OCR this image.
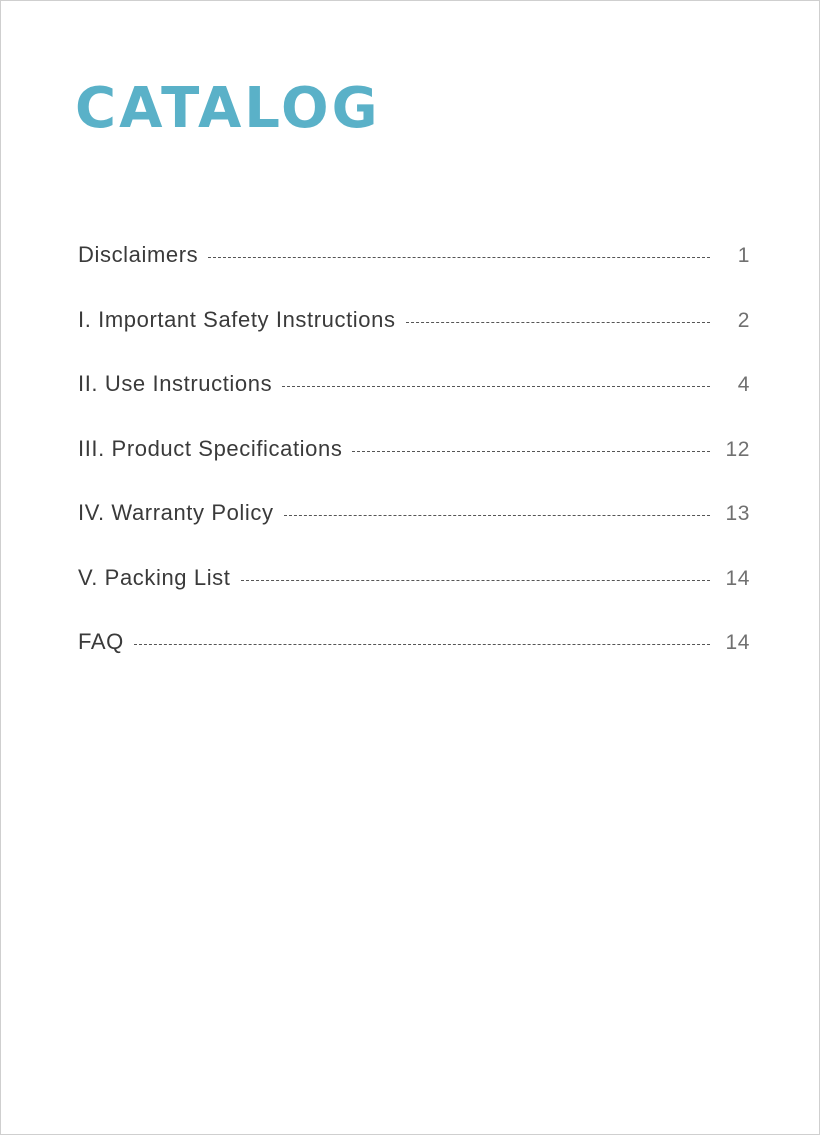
CATALOG
Disclaimers	1
I. Important Safety Instructions	2
II. Use Instructions	4
III. Product Specifications	12
IV. Warranty Policy	13
V. Packing List	14
FAQ	14
